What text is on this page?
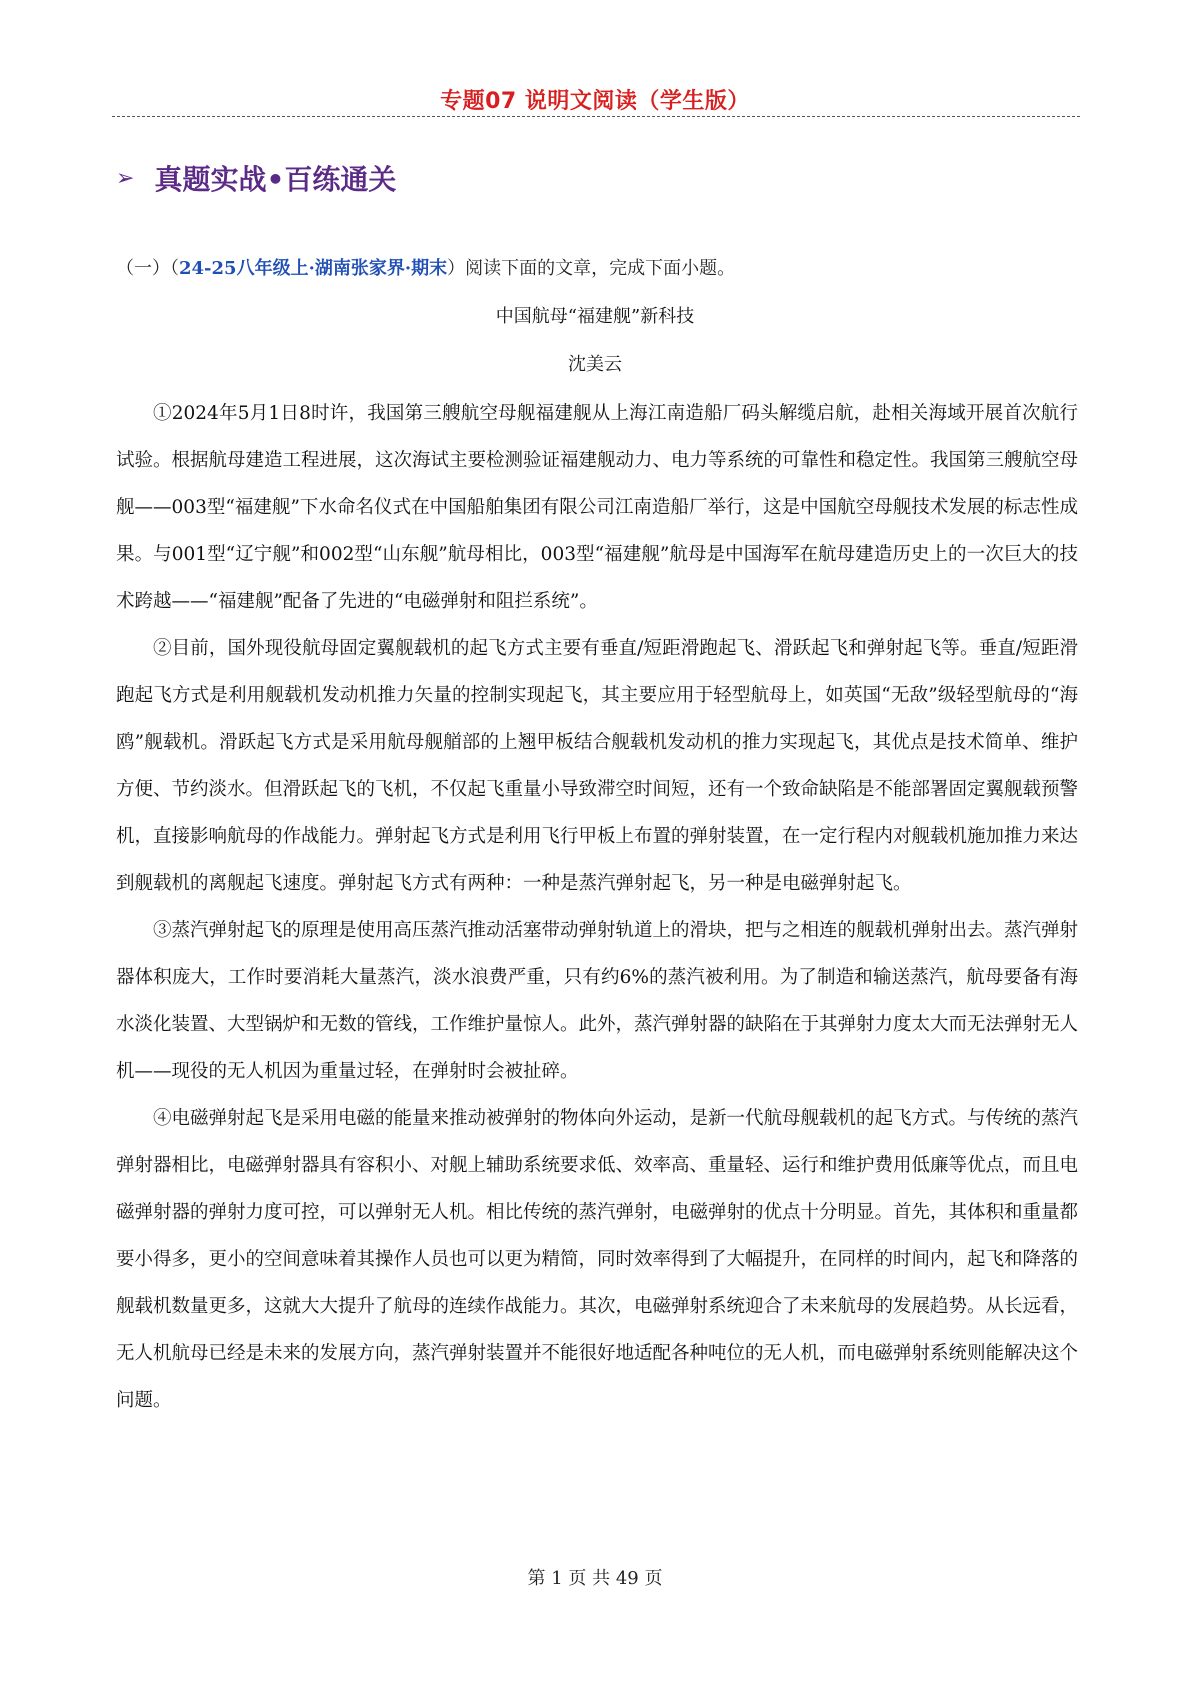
专题07 说明文阅读（学生版）
➢ 真题实战•百练通关
（一）（24-25八年级上·湖南张家界·期末）阅读下面的文章，完成下面小题。
中国航母“福建舰”新科技
沈美云

①2024年5月1日8时许，我国第三艘航空母舰福建舰从上海江南造船厂码头解缆启航，赴相关海域开展首次航行试验。根据航母建造工程进展，这次海试主要检测验证福建舰动力、电力等系统的可靠性和稳定性。我国第三艘航空母舰——003型“福建舰”下水命名仪式在中国船舶集团有限公司江南造船厂举行，这是中国航空母舰技术发展的标志性成果。与001型“辽宁舰”和002型“山东舰”航母相比，003型“福建舰”航母是中国海军在航母建造历史上的一次巨大的技术跨越——“福建舰”配备了先进的“电磁弹射和阻拦系统”。

②目前，国外现役航母固定翼舰载机的起飞方式主要有垂直/短距滑跑起飞、滑跃起飞和弹射起飞等。垂直/短距滑跑起飞方式是利用舰载机发动机推力矢量的控制实现起飞，其主要应用于轻型航母上，如英国“无敌”级轻型航母的“海鸥”舰载机。滑跃起飞方式是采用航母舰艏部的上翘甲板结合舰载机发动机的推力实现起飞，其优点是技术简单、维护方便、节约淡水。但滑跃起飞的飞机，不仅起飞重量小导致滞空时间短，还有一个致命缺陷是不能部署固定翼舰载预警机，直接影响航母的作战能力。弹射起飞方式是利用飞行甲板上布置的弹射装置，在一定行程内对舰载机施加推力来达到舰载机的离舰起飞速度。弹射起飞方式有两种：一种是蒸汽弹射起飞，另一种是电磁弹射起飞。

③蒸汽弹射起飞的原理是使用高压蒸汽推动活塞带动弹射轨道上的滑块，把与之相连的舰载机弹射出去。蒸汽弹射器体积庞大，工作时要消耗大量蒸汽，淡水浪费严重，只有约6%的蒸汽被利用。为了制造和输送蒸汽，航母要备有海水淡化装置、大型锅炉和无数的管线，工作维护量惊人。此外，蒸汽弹射器的缺陷在于其弹射力度太大而无法弹射无人机——现役的无人机因为重量过轻，在弹射时会被扯碎。

④电磁弹射起飞是采用电磁的能量来推动被弹射的物体向外运动，是新一代航母舰载机的起飞方式。与传统的蒸汽弹射器相比，电磁弹射器具有容积小、对舰上辅助系统要求低、效率高、重量轻、运行和维护费用低廉等优点，而且电磁弹射器的弹射力度可控，可以弹射无人机。相比传统的蒸汽弹射，电磁弹射的优点十分明显。首先，其体积和重量都要小得多，更小的空间意味着其操作人员也可以更为精简，同时效率得到了大幅提升，在同样的时间内，起飞和降落的舰载机数量更多，这就大大提升了航母的连续作战能力。其次，电磁弹射系统迎合了未来航母的发展趋势。从长远看，无人机航母已经是未来的发展方向，蒸汽弹射装置并不能很好地适配各种吨位的无人机，而电磁弹射系统则能解决这个问题。

第 1 页 共 49 页
